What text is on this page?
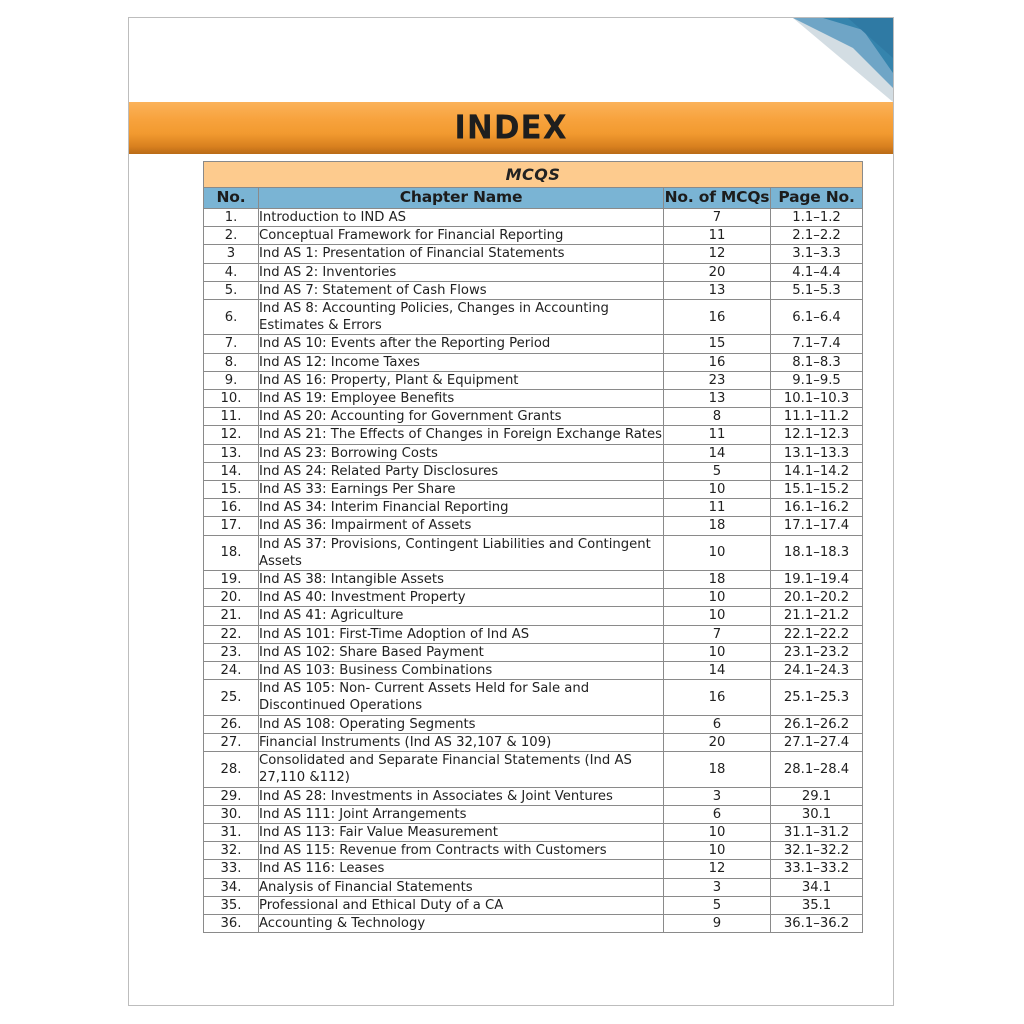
INDEX
MCQS			
No.	Chapter Name	No. of MCQs	Page No.
1.	Introduction to IND AS	7	1.1–1.2
2.	Conceptual Framework for Financial Reporting	11	2.1–2.2
3	Ind AS 1: Presentation of Financial Statements	12	3.1–3.3
4.	Ind AS 2: Inventories	20	4.1–4.4
5.	Ind AS 7: Statement of Cash Flows	13	5.1–5.3
6.	Ind AS 8: Accounting Policies, Changes in Accounting Estimates & Errors	16	6.1–6.4
7.	Ind AS 10: Events after the Reporting Period	15	7.1–7.4
8.	Ind AS 12: Income Taxes	16	8.1–8.3
9.	Ind AS 16: Property, Plant & Equipment	23	9.1–9.5
10.	Ind AS 19: Employee Benefits	13	10.1–10.3
11.	Ind AS 20: Accounting for Government Grants	8	11.1–11.2
12.	Ind AS 21: The Effects of Changes in Foreign Exchange Rates	11	12.1–12.3
13.	Ind AS 23: Borrowing Costs	14	13.1–13.3
14.	Ind AS 24: Related Party Disclosures	5	14.1–14.2
15.	Ind AS 33: Earnings Per Share	10	15.1–15.2
16.	Ind AS 34: Interim Financial Reporting	11	16.1–16.2
17.	Ind AS 36: Impairment of Assets	18	17.1–17.4
18.	Ind AS 37: Provisions, Contingent Liabilities and Contingent Assets	10	18.1–18.3
19.	Ind AS 38: Intangible Assets	18	19.1–19.4
20.	Ind AS 40: Investment Property	10	20.1–20.2
21.	Ind AS 41: Agriculture	10	21.1–21.2
22.	Ind AS 101: First-Time Adoption of Ind AS	7	22.1–22.2
23.	Ind AS 102: Share Based Payment	10	23.1–23.2
24.	Ind AS 103: Business Combinations	14	24.1–24.3
25.	Ind AS 105: Non- Current Assets Held for Sale and Discontinued Operations	16	25.1–25.3
26.	Ind AS 108: Operating Segments	6	26.1–26.2
27.	Financial Instruments (Ind AS 32,107 & 109)	20	27.1–27.4
28.	Consolidated and Separate Financial Statements (Ind AS 27,110 &112)	18	28.1–28.4
29.	Ind AS 28: Investments in Associates & Joint Ventures	3	29.1
30.	Ind AS 111: Joint Arrangements	6	30.1
31.	Ind AS 113: Fair Value Measurement	10	31.1–31.2
32.	Ind AS 115: Revenue from Contracts with Customers	10	32.1–32.2
33.	Ind AS 116: Leases	12	33.1–33.2
34.	Analysis of Financial Statements	3	34.1
35.	Professional and Ethical Duty of a CA	5	35.1
36.	Accounting & Technology	9	36.1–36.2
